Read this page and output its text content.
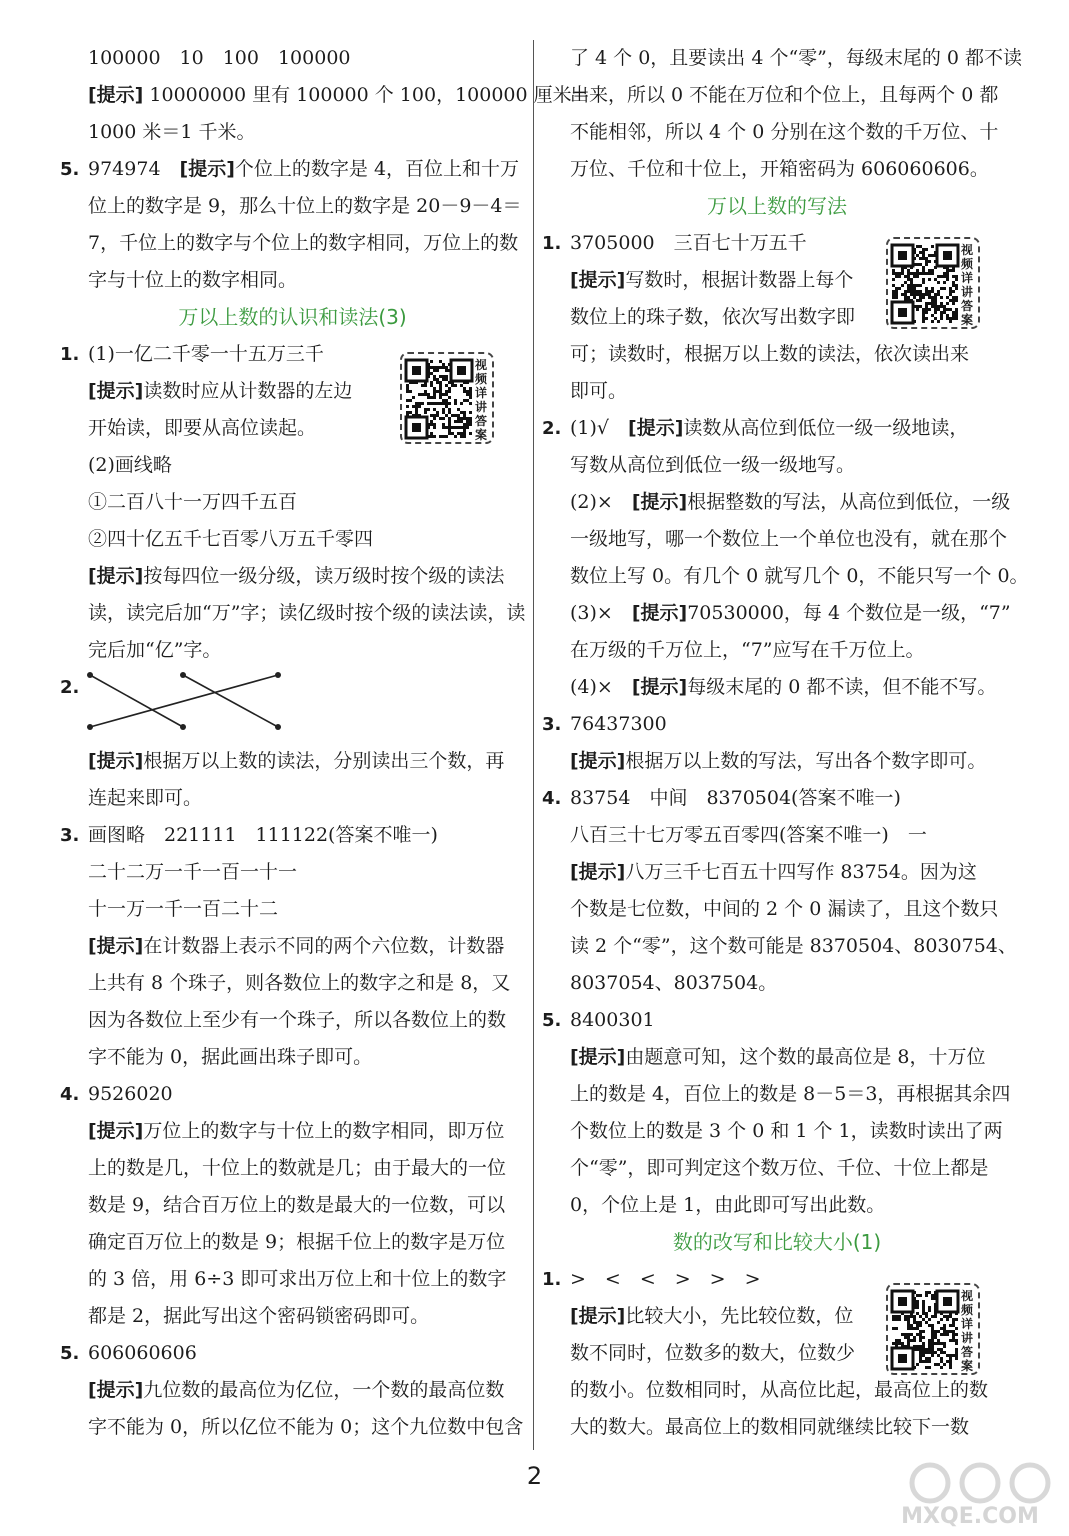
100000　10　100　100000
[提示] 10000000 里有 100000 个 100，100000 厘米＝
1000 米＝1 千米。
5. 974974　[提示]个位上的数字是 4，百位上和十万
位上的数字是 9，那么十位上的数字是 20－9－4＝
7，千位上的数字与个位上的数字相同，万位上的数
字与十位上的数字相同。
万以上数的认识和读法(3)
1. (1)一亿二千零一十五万三千
[提示]读数时应从计数器的左边
开始读，即要从高位读起。
(2)画线略
①二百八十一万四千五百
②四十亿五千七百零八万五千零四
[提示]按每四位一级分级，读万级时按个级的读法
读，读完后加“万”字；读亿级时按个级的读法读，读
完后加“亿”字。
2.
[提示]根据万以上数的读法，分别读出三个数，再
连起来即可。
3. 画图略　221111　111122(答案不唯一)
二十二万一千一百一十一
十一万一千一百二十二
[提示]在计数器上表示不同的两个六位数，计数器
上共有 8 个珠子，则各数位上的数字之和是 8，又
因为各数位上至少有一个珠子，所以各数位上的数
字不能为 0，据此画出珠子即可。
4. 9526020
[提示]万位上的数字与十位上的数字相同，即万位
上的数是几，十位上的数就是几；由于最大的一位
数是 9，结合百万位上的数是最大的一位数，可以
确定百万位上的数是 9；根据千位上的数字是万位
的 3 倍，用 6÷3 即可求出万位上和十位上的数字
都是 2，据此写出这个密码锁密码即可。
5. 606060606
[提示]九位数的最高位为亿位，一个数的最高位数
字不能为 0，所以亿位不能为 0；这个九位数中包含
了 4 个 0，且要读出 4 个“零”，每级末尾的 0 都不读
出来，所以 0 不能在万位和个位上，且每两个 0 都
不能相邻，所以 4 个 0 分别在这个数的千万位、十
万位、千位和十位上，开箱密码为 606060606。
万以上数的写法
1. 3705000　三百七十万五千
[提示]写数时，根据计数器上每个
数位上的珠子数，依次写出数字即
可；读数时，根据万以上数的读法，依次读出来
即可。
2. (1)√　[提示]读数从高位到低位一级一级地读，
写数从高位到低位一级一级地写。
(2)×　[提示]根据整数的写法，从高位到低位，一级
一级地写，哪一个数位上一个单位也没有，就在那个
数位上写 0。有几个 0 就写几个 0，不能只写一个 0。
(3)×　[提示]70530000，每 4 个数位是一级，“7”
在万级的千万位上，“7”应写在千万位上。
(4)×　[提示]每级末尾的 0 都不读，但不能不写。
3. 76437300
[提示]根据万以上数的写法，写出各个数字即可。
4. 83754　中间　8370504(答案不唯一)
八百三十七万零五百零四(答案不唯一)　一
[提示]八万三千七百五十四写作 83754。因为这
个数是七位数，中间的 2 个 0 漏读了，且这个数只
读 2 个“零”，这个数可能是 8370504、8030754、
8037054、8037504。
5. 8400301
[提示]由题意可知，这个数的最高位是 8，十万位
上的数是 4，百位上的数是 8－5＝3，再根据其余四
个数位上的数是 3 个 0 和 1 个 1，读数时读出了两
个“零”，即可判定这个数万位、千位、十位上都是
0，个位上是 1，由此即可写出此数。
数的改写和比较大小(1)
1. >　<　<　>　>　>
[提示]比较大小，先比较位数，位
数不同时，位数多的数大，位数少
的数小。位数相同时，从高位比起，最高位上的数
大的数大。最高位上的数相同就继续比较下一数
视频详讲答案
视频详讲答案
视频详讲答案
2
MXQE.COM
